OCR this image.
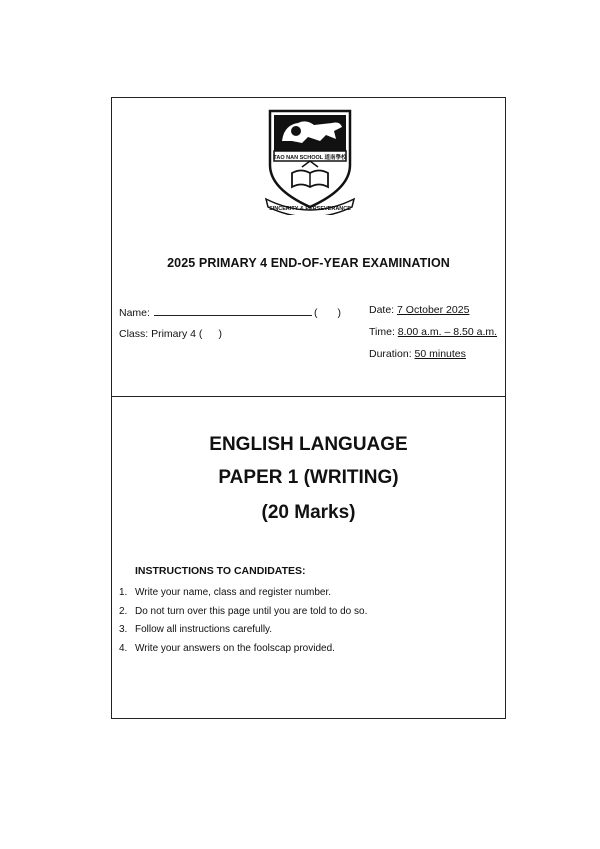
TAO NAN SCHOOL 道南學校
SINCERITY & PERSEVERANCE
2025 PRIMARY 4 END-OF-YEAR EXAMINATION
Name:	( )
Class: Primary 4 ( )
Date: 7 October 2025
Time: 8.00 a.m. – 8.50 a.m.
Duration: 50 minutes
ENGLISH LANGUAGE
PAPER 1 (WRITING)
(20 Marks)
INSTRUCTIONS TO CANDIDATES:
1. Write your name, class and register number.
2. Do not turn over this page until you are told to do so.
3. Follow all instructions carefully.
4. Write your answers on the foolscap provided.
